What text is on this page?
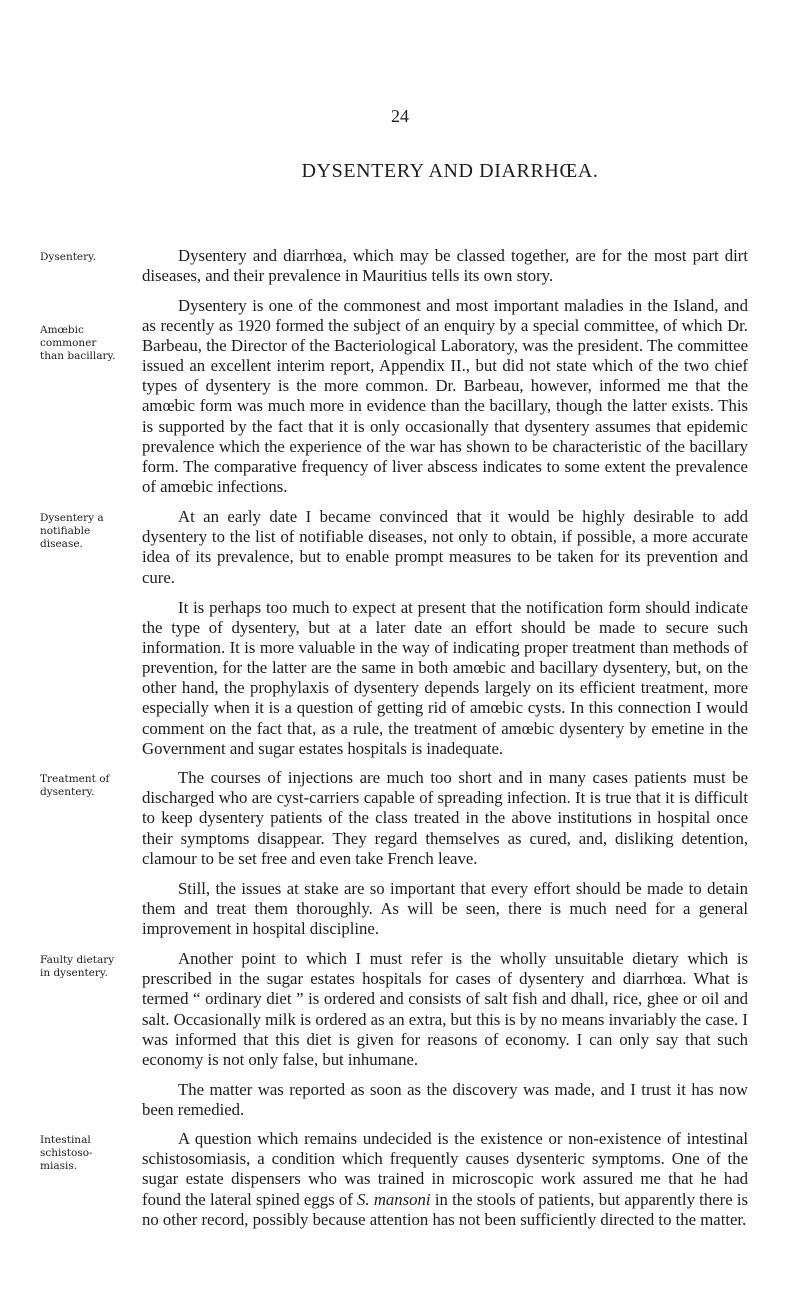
24
DYSENTERY AND DIARRHŒA.
Dysentery.
Amœbic commoner than bacillary.
Dysentery a notifiable disease.
Treatment of dysentery.
Faulty dietary in dysentery.
Intestinal schistoso-miasis.

Dysentery and diarrhœa, which may be classed together, are for the most part dirt diseases, and their prevalence in Mauritius tells its own story.

Dysentery is one of the commonest and most important maladies in the Island, and as recently as 1920 formed the subject of an enquiry by a special committee, of which Dr. Barbeau, the Director of the Bacteriological Laboratory, was the president. The committee issued an excellent interim report, Appendix II., but did not state which of the two chief types of dysentery is the more common. Dr. Barbeau, however, informed me that the amœbic form was much more in evidence than the bacillary, though the latter exists. This is supported by the fact that it is only occasionally that dysentery assumes that epidemic prevalence which the experience of the war has shown to be characteristic of the bacillary form. The comparative frequency of liver abscess indicates to some extent the prevalence of amœbic infections.

At an early date I became convinced that it would be highly desirable to add dysentery to the list of notifiable diseases, not only to obtain, if possible, a more accurate idea of its prevalence, but to enable prompt measures to be taken for its prevention and cure.

It is perhaps too much to expect at present that the notification form should indicate the type of dysentery, but at a later date an effort should be made to secure such information. It is more valuable in the way of indicating proper treatment than methods of prevention, for the latter are the same in both amœbic and bacillary dysentery, but, on the other hand, the prophylaxis of dysentery depends largely on its efficient treatment, more especially when it is a question of getting rid of amœbic cysts. In this connection I would comment on the fact that, as a rule, the treatment of amœbic dysentery by emetine in the Government and sugar estates hospitals is inadequate.

The courses of injections are much too short and in many cases patients must be discharged who are cyst-carriers capable of spreading infection. It is true that it is difficult to keep dysentery patients of the class treated in the above institutions in hospital once their symptoms disappear. They regard themselves as cured, and, disliking detention, clamour to be set free and even take French leave.

Still, the issues at stake are so important that every effort should be made to detain them and treat them thoroughly. As will be seen, there is much need for a general improvement in hospital discipline.

Another point to which I must refer is the wholly unsuitable dietary which is prescribed in the sugar estates hospitals for cases of dysentery and diarrhœa. What is termed “ ordinary diet ” is ordered and consists of salt fish and dhall, rice, ghee or oil and salt. Occasionally milk is ordered as an extra, but this is by no means invariably the case. I was informed that this diet is given for reasons of economy. I can only say that such economy is not only false, but inhumane.

The matter was reported as soon as the discovery was made, and I trust it has now been remedied.

A question which remains undecided is the existence or non-existence of intestinal schistosomiasis, a condition which frequently causes dysenteric symptoms. One of the sugar estate dispensers who was trained in microscopic work assured me that he had found the lateral spined eggs of S. mansoni in the stools of patients, but apparently there is no other record, possibly because attention has not been sufficiently directed to the matter.
